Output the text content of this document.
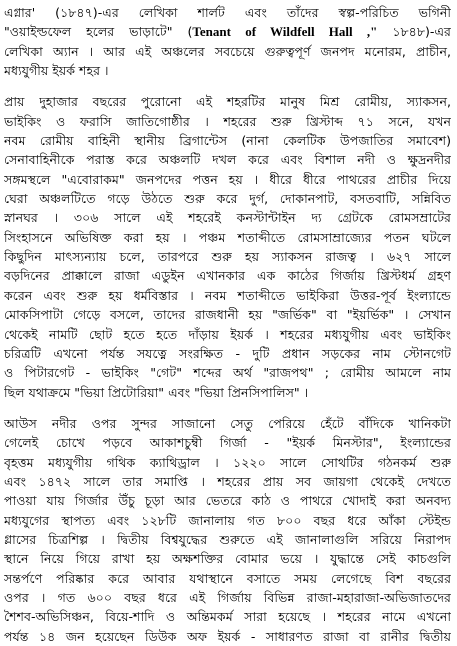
এগ্নার' (১৮৪৭)-এর লেখিকা শার্লট এবং তাঁদের স্বল্প-পরিচিত ভগিনী
"ওয়াইল্ডফেল হলের ভাড়াটে" (Tenant of Wildfell Hall ," ১৮৪৮)-এর
লেখিকা অ্যান । আর এই অঞ্চলের সবচেয়ে গুরুত্বপূর্ণ জনপদ মনোরম, প্রাচীন,
মধ্যযুগীয় ইয়র্ক শহর ।
প্রায় দুহাজার বছরের পুরোনো এই শহরটির মানুষ মিশ্র রোমীয়, স্যাকসন,
ভাইকিং ও ফরাসি জাতিগোষ্ঠীর । শহরের শুরু খ্রিস্টাব্দ ৭১ সনে, যখন
নবম রোমীয় বাহিনী স্থানীয় ব্রিগান্টেস (নানা কেলটিক উপজাতির সমাবেশ)
সেনাবাহিনীকে পরাস্ত করে অঞ্চলটি দখল করে এবং বিশাল নদী ও ক্ষুদ্রনদীর
সঙ্গমস্থলে "এবোরাকম" জনপদের পত্তন হয় । ধীরে ধীরে পাথরের প্রাচীর দিয়ে
ঘেরা অঞ্চলটিতে গড়ে উঠতে শুরু করে দুর্গ, দোকানপাট, বসতবাটি, সন্নিবিত
স্নানঘর । ৩০৬ সালে এই শহরেই কনস্টান্টাইন দ্য গ্রেটকে রোমসম্রাটের
সিংহাসনে অভিষিক্ত করা হয় । পঞ্চম শতাব্দীতে রোমসাম্রাজ্যের পতন ঘটলে
কিছুদিন মাৎস্যন্যায় চলে, তারপরে শুরু হয় স্যাকসন রাজত্ব । ৬২৭ সালে
বড়দিনের প্রাক্কালে রাজা এডুইন এখানকার এক কাঠের গির্জায় খ্রিস্টধর্ম গ্রহণ
করেন এবং শুরু হয় ধর্মবিস্তার । নবম শতাব্দীতে ভাইকিরা উত্তর-পূর্ব ইংল্যান্ডে
মোকসিপাটা গেড়ে বসলে, তাদের রাজধানী হয় "জর্ভিক" বা "ইয়র্ভিক" । সেখান
থেকেই নামটি ছোট হতে হতে দাঁড়ায় ইয়র্ক । শহরের মধ্যযুগীয় এবং ভাইকিং
চরিত্রটি এখনো পর্যন্ত সযত্নে সংরক্ষিত - দুটি প্রধান সড়কের নাম স্টোনগেট
ও পিটারগেট - ভাইকিং "গেট" শব্দের অর্থ "রাজপথ" ; রোমীয় আমলে নাম
ছিল যথাক্রমে "ভিয়া প্রিটোরিয়া" এবং "ভিয়া প্রিনসিপালিস" ।
আউস নদীর ওপর সুন্দর সাজানো সেতু পেরিয়ে হেঁটে বাঁদিকে খানিকটা
গেলেই চোখে পড়বে আকাশচুম্বী গির্জা - "ইয়র্ক মিনস্টার", ইংল্যান্ডের
বৃহত্তম মধ্যযুগীয় গথিক ক্যাথিড্রাল । ১২২০ সালে সোথটির গঠনকর্ম শুরু
এবং ১৪৭২ সালে তার সমাপ্তি । শহরের প্রায় সব জায়গা থেকেই দেখতে
পাওয়া যায় গির্জার উঁচু চূড়া আর ভেতরে কাঠ ও পাথরে খোদাই করা অনবদ্য
মধ্যযুগের স্থাপত্য এবং ১২৮টি জানালায় গত ৮০০ বছর ধরে আঁকা স্টেইন্ড
গ্লাসের চিত্রশিল্প । দ্বিতীয় বিশ্বযুদ্ধের শুরুতে এই জানালাগুলি সরিয়ে নিরাপদ
স্থানে নিয়ে গিয়ে রাখা হয় অক্ষশক্তির বোমার ভয়ে । যুদ্ধান্তে সেই কাচগুলি
সন্তর্পণে পরিষ্কার করে আবার যথাস্থানে বসাতে সময় লেগেছে বিশ বছরের
ওপর । গত ৬০০ বছর ধরে এই গির্জায় বিভিন্ন রাজা-মহারাজা-অভিজাতদের
শৈশব-অভিসিঞ্চন, বিয়ে-শাদি ও অন্তিমকর্ম সারা হয়েছে । শহরের নামে এখনো
পর্যন্ত ১৪ জন হয়েছেন ডিউক অফ ইয়র্ক - সাধারণত রাজা বা রানীর দ্বিতীয়
